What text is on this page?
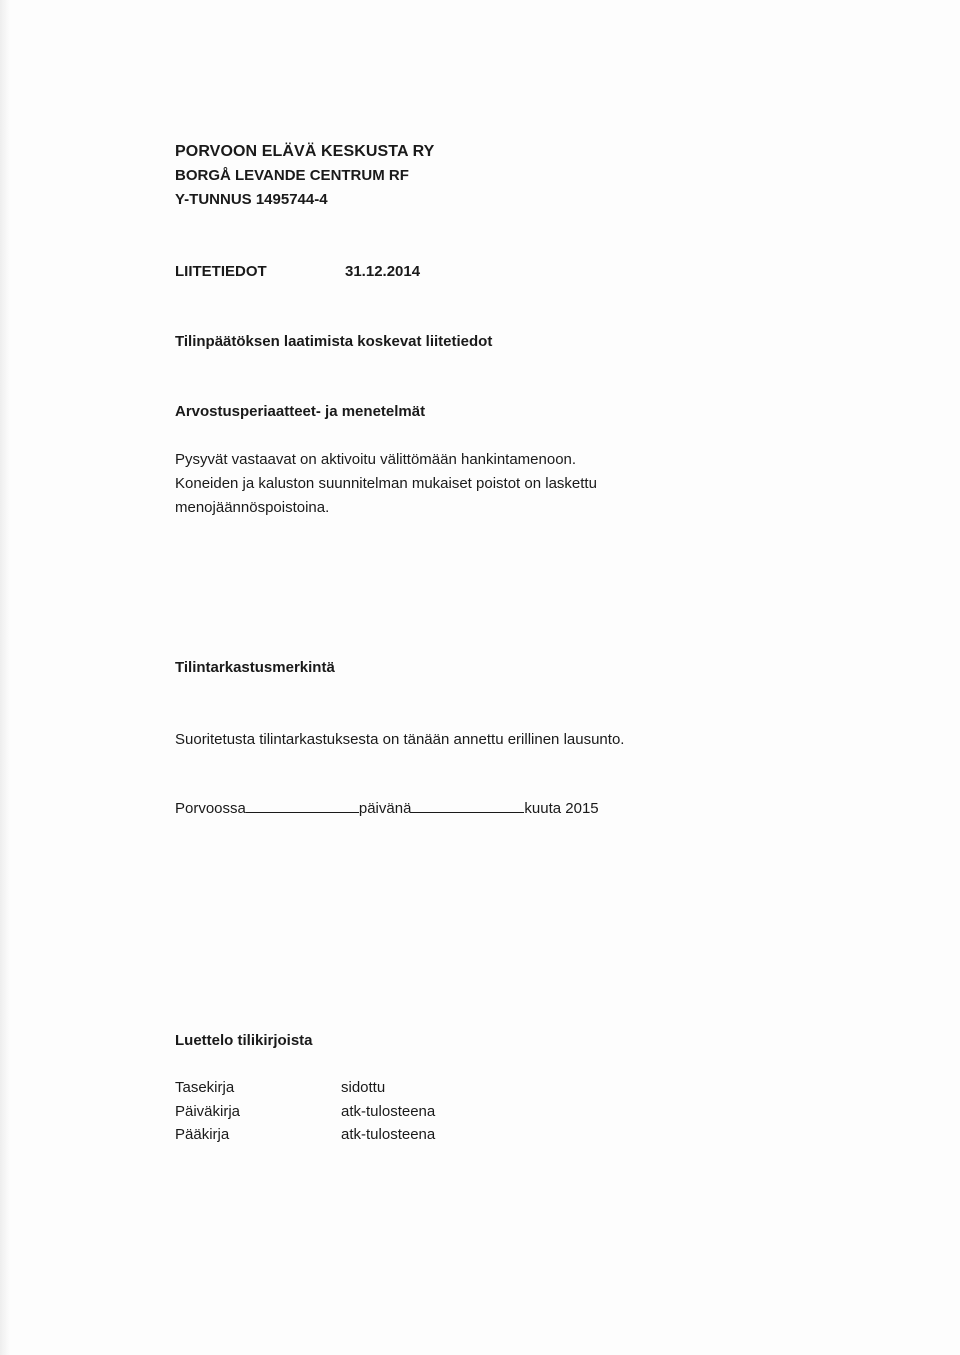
PORVOON ELÄVÄ KESKUSTA RY
BORGÅ LEVANDE CENTRUM RF
Y-TUNNUS 1495744-4
LIITETIEDOT	31.12.2014
Tilinpäätöksen laatimista koskevat liitetiedot
Arvostusperiaatteet- ja menetelmät
Pysyvät vastaavat on aktivoitu välittömään hankintamenoon.
Koneiden ja kaluston suunnitelman mukaiset poistot on laskettu
menojäännöspoistoina.
Tilintarkastusmerkintä
Suoritetusta tilintarkastuksesta on tänään annettu erillinen lausunto.
Porvoossa	päivänä	kuuta 2015
Luettelo tilikirjoista
Tasekirja	sidottu
Päiväkirja	atk-tulosteena
Pääkirja	atk-tulosteena
